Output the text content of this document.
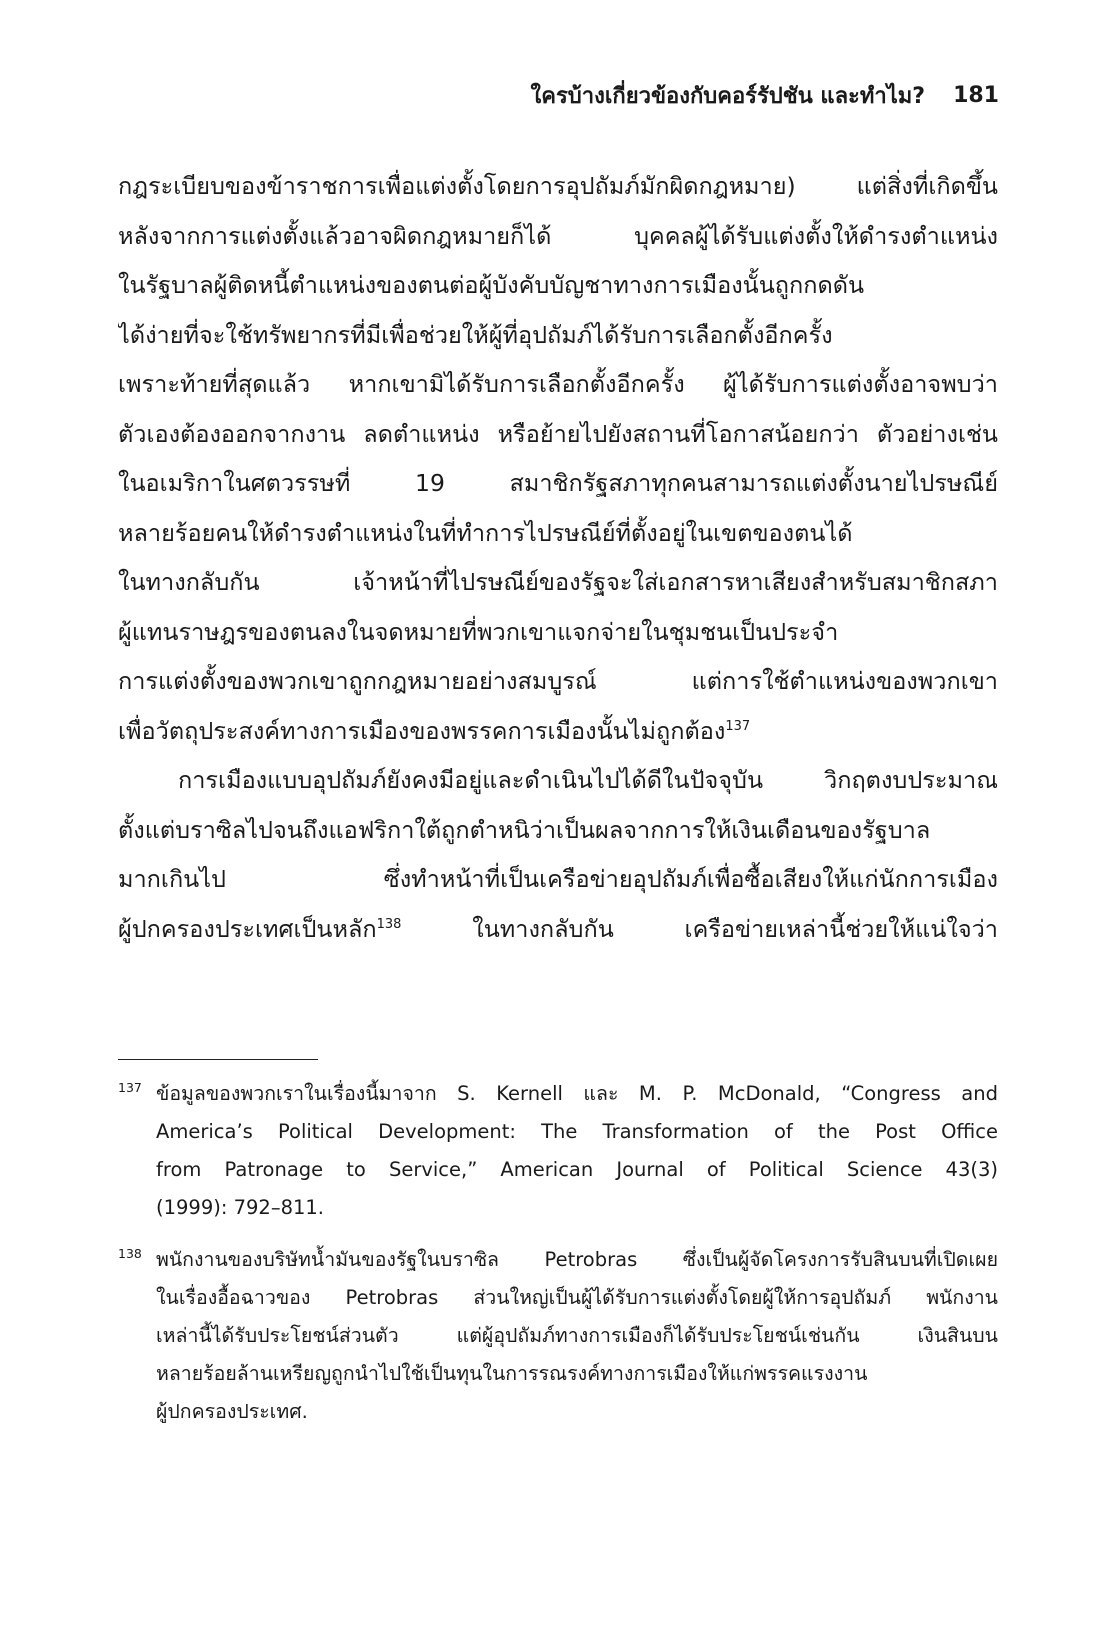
ใครบ้างเกี่ยวข้องกับคอร์รัปชัน และทำไม? 181
กฎระเบียบของข้าราชการเพื่อแต่งตั้งโดยการอุปถัมภ์มักผิดกฎหมาย) แต่สิ่งที่เกิดขึ้น
หลังจากการแต่งตั้งแล้วอาจผิดกฎหมายก็ได้ บุคคลผู้ได้รับแต่งตั้งให้ดำรงตำแหน่ง
ในรัฐบาลผู้ติดหนี้ตำแหน่งของตนต่อผู้บังคับบัญชาทางการเมืองนั้นถูกกดดัน
ได้ง่ายที่จะใช้ทรัพยากรที่มีเพื่อช่วยให้ผู้ที่อุปถัมภ์ได้รับการเลือกตั้งอีกครั้ง
เพราะท้ายที่สุดแล้ว หากเขามิได้รับการเลือกตั้งอีกครั้ง ผู้ได้รับการแต่งตั้งอาจพบว่า
ตัวเองต้องออกจากงาน ลดตำแหน่ง หรือย้ายไปยังสถานที่โอกาสน้อยกว่า ตัวอย่างเช่น
ในอเมริกาในศตวรรษที่ 19 สมาชิกรัฐสภาทุกคนสามารถแต่งตั้งนายไปรษณีย์
หลายร้อยคนให้ดำรงตำแหน่งในที่ทำการไปรษณีย์ที่ตั้งอยู่ในเขตของตนได้
ในทางกลับกัน เจ้าหน้าที่ไปรษณีย์ของรัฐจะใส่เอกสารหาเสียงสำหรับสมาชิกสภา
ผู้แทนราษฎรของตนลงในจดหมายที่พวกเขาแจกจ่ายในชุมชนเป็นประจำ
การแต่งตั้งของพวกเขาถูกกฎหมายอย่างสมบูรณ์ แต่การใช้ตำแหน่งของพวกเขา
เพื่อวัตถุประสงค์ทางการเมืองของพรรคการเมืองนั้นไม่ถูกต้อง$^{137}$
การเมืองแบบอุปถัมภ์ยังคงมีอยู่และดำเนินไปได้ดีในปัจจุบัน วิกฤตงบประมาณ
ตั้งแต่บราซิลไปจนถึงแอฟริกาใต้ถูกตำหนิว่าเป็นผลจากการให้เงินเดือนของรัฐบาล
มากเกินไป ซึ่งทำหน้าที่เป็นเครือข่ายอุปถัมภ์เพื่อซื้อเสียงให้แก่นักการเมือง
ผู้ปกครองประเทศเป็นหลัก$^{138}$ ในทางกลับกัน เครือข่ายเหล่านี้ช่วยให้แน่ใจว่า
137 ข้อมูลของพวกเราในเรื่องนี้มาจาก S. Kernell และ M. P. McDonald, “Congress and
America’s Political Development: The Transformation of the Post Office
from Patronage to Service,” American Journal of Political Science 43(3)
(1999): 792–811.
138 พนักงานของบริษัทน้ำมันของรัฐในบราซิล Petrobras ซึ่งเป็นผู้จัดโครงการรับสินบนที่เปิดเผย
ในเรื่องอื้อฉาวของ Petrobras ส่วนใหญ่เป็นผู้ได้รับการแต่งตั้งโดยผู้ให้การอุปถัมภ์ พนักงาน
เหล่านี้ได้รับประโยชน์ส่วนตัว แต่ผู้อุปถัมภ์ทางการเมืองก็ได้รับประโยชน์เช่นกัน เงินสินบน
หลายร้อยล้านเหรียญถูกนำไปใช้เป็นทุนในการรณรงค์ทางการเมืองให้แก่พรรคแรงงาน
ผู้ปกครองประเทศ.
